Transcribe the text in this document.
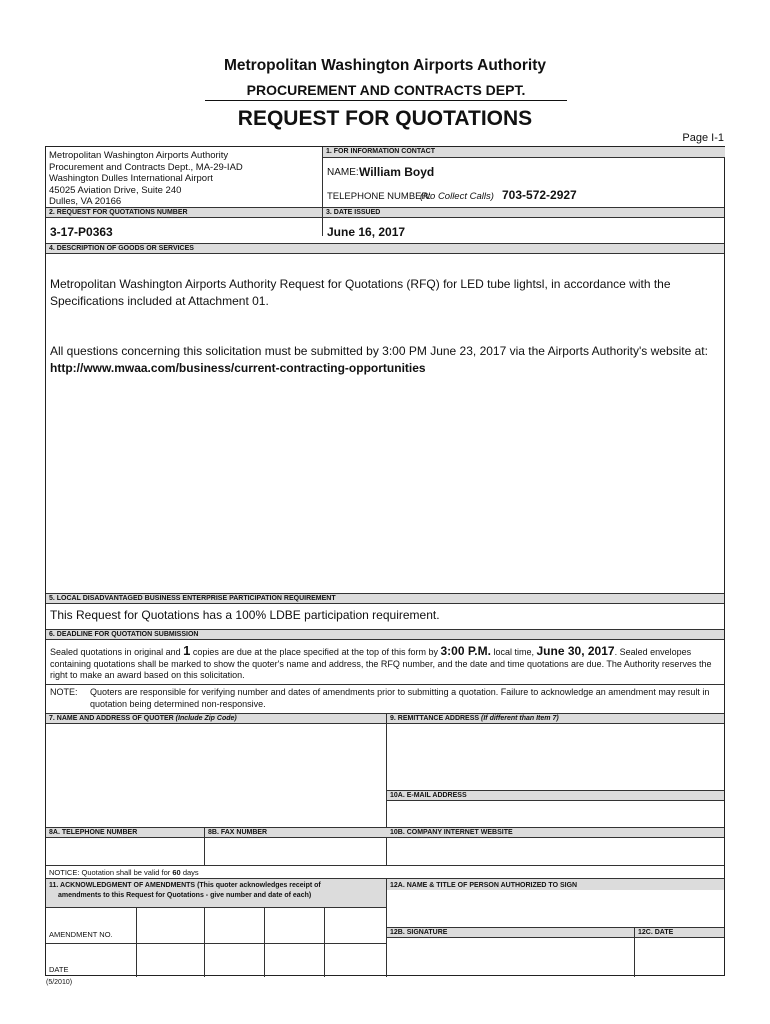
Metropolitan Washington Airports Authority
PROCUREMENT AND CONTRACTS DEPT.
REQUEST FOR QUOTATIONS
Page I-1
Metropolitan Washington Airports Authority
Procurement and Contracts Dept., MA-29-IAD
Washington Dulles International Airport
45025 Aviation Drive, Suite 240
Dulles, VA 20166
1. FOR INFORMATION CONTACT
NAME: William Boyd
TELEPHONE NUMBER:
(No Collect Calls) 703-572-2927
2. REQUEST FOR QUOTATIONS NUMBER	3. DATE ISSUED
3-17-P0363	June 16, 2017
4. DESCRIPTION OF GOODS OR SERVICES
Metropolitan Washington Airports Authority Request for Quotations (RFQ) for LED tube lightsl, in accordance with the Specifications included at Attachment 01.
All questions concerning this solicitation must be submitted by 3:00 PM June 23, 2017 via the Airports Authority's website at: http://www.mwaa.com/business/current-contracting-opportunities
5. LOCAL DISADVANTAGED BUSINESS ENTERPRISE PARTICIPATION REQUIREMENT
This Request for Quotations has a 100% LDBE participation requirement.
6. DEADLINE FOR QUOTATION SUBMISSION
Sealed quotations in original and 1 copies are due at the place specified at the top of this form by 3:00 P.M. local time, June 30, 2017. Sealed envelopes containing quotations shall be marked to show the quoter's name and address, the RFQ number, and the date and time quotations are due. The Authority reserves the right to make an award based on this solicitation.
NOTE: Quoters are responsible for verifying number and dates of amendments prior to submitting a quotation. Failure to acknowledge an amendment may result in quotation being determined non-responsive.
7. NAME AND ADDRESS OF QUOTER (Include Zip Code)	9. REMITTANCE ADDRESS (If different than Item 7)
10A. E-MAIL ADDRESS
8A. TELEPHONE NUMBER	8B. FAX NUMBER	10B. COMPANY INTERNET WEBSITE
NOTICE: Quotation shall be valid for 60 days
11. ACKNOWLEDGMENT OF AMENDMENTS (This quoter acknowledges receipt of
amendments to this Request for Quotations - give number and date of each)
12A. NAME & TITLE OF PERSON AUTHORIZED TO SIGN
AMENDMENT NO.
DATE
12B. SIGNATURE	12C. DATE
(5/2010)
